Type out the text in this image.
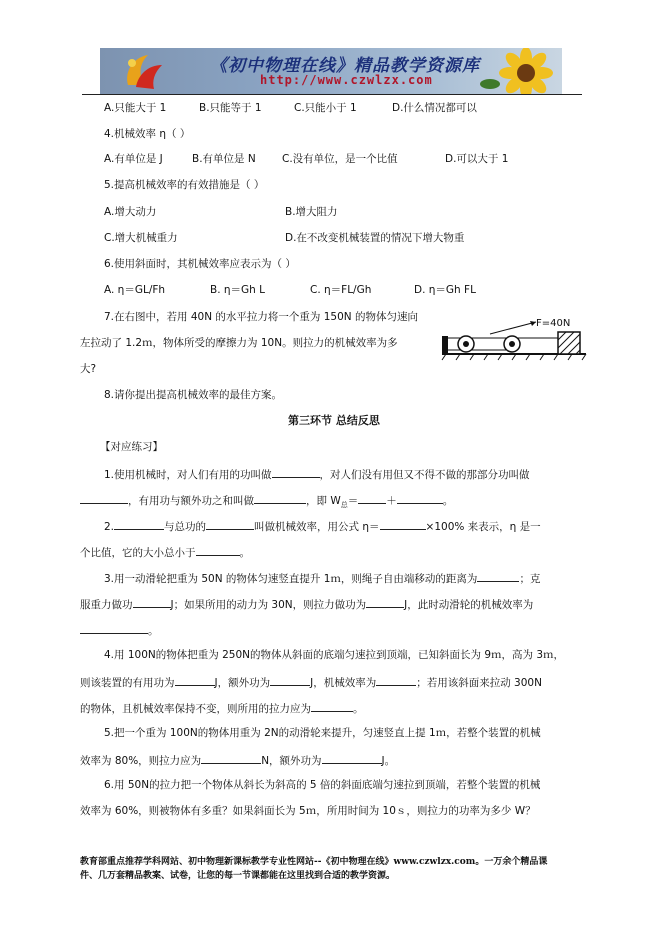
《初中物理在线》精品教学资源库
http://www.czwlzx.com
A.只能大于 1	B.只能等于 1	C.只能小于 1	D.什么情况都可以
4.机械效率 η（ ）
A.有单位是 J	B.有单位是 N	C.没有单位，是一个比值	D.可以大于 1
5.提高机械效率的有效措施是（ ）
A.增大动力	B.增大阻力
C.增大机械重力	D.在不改变机械装置的情况下增大物重
6.使用斜面时，其机械效率应表示为（ ）
A. η＝GL/Fh	B. η＝Gh L	C. η＝FL/Gh	D. η＝Gh FL
7.在右图中，若用 40N 的水平拉力将一个重为 150N 的物体匀速向
左拉动了 1.2ｍ，物体所受的摩擦力为 10N。则拉力的机械效率为多
大?
F=40N
8.请你提出提高机械效率的最佳方案。
第三环节 总结反思
【对应练习】
1.使用机械时，对人们有用的功叫做	，对人们没有用但又不得不做的那部分功叫做
，有用功与额外功之和叫做	，即 $W_总=$	＋	。
2.	与总功的	叫做机械效率，用公式 η＝	×100% 来表示，η 是一
个比值，它的大小总小于	。
3.用一动滑轮把重为 50N 的物体匀速竖直提升 1ｍ，则绳子自由端移动的距离为	；克
服重力做功	J；如果所用的动力为 30N，则拉力做功为	J，此时动滑轮的机械效率为
。
4.用 100N的物体把重为 250N的物体从斜面的底端匀速拉到顶端，已知斜面长为 9ｍ，高为 3ｍ，
则该装置的有用功为	J，额外功为	J，机械效率为	；若用该斜面来拉动 300N
的物体，且机械效率保持不变，则所用的拉力应为	。
5.把一个重为 100N的物体用重为 2N的动滑轮来提升，匀速竖直上提 1ｍ，若整个装置的机械
效率为 80%，则拉力应为	N，额外功为	J。
6.用 50N的拉力把一个物体从斜长为斜高的 5 倍的斜面底端匀速拉到顶端，若整个装置的机械
效率为 60%，则被物体有多重？如果斜面长为 5ｍ，所用时间为 10ｓ，则拉力的功率为多少 W？
教育部重点推荐学科网站、初中物理新课标教学专业性网站--《初中物理在线》www.czwlzx.com。一万余个精品课
件、几万套精品教案、试卷，让您的每一节课都能在这里找到合适的教学资源。
